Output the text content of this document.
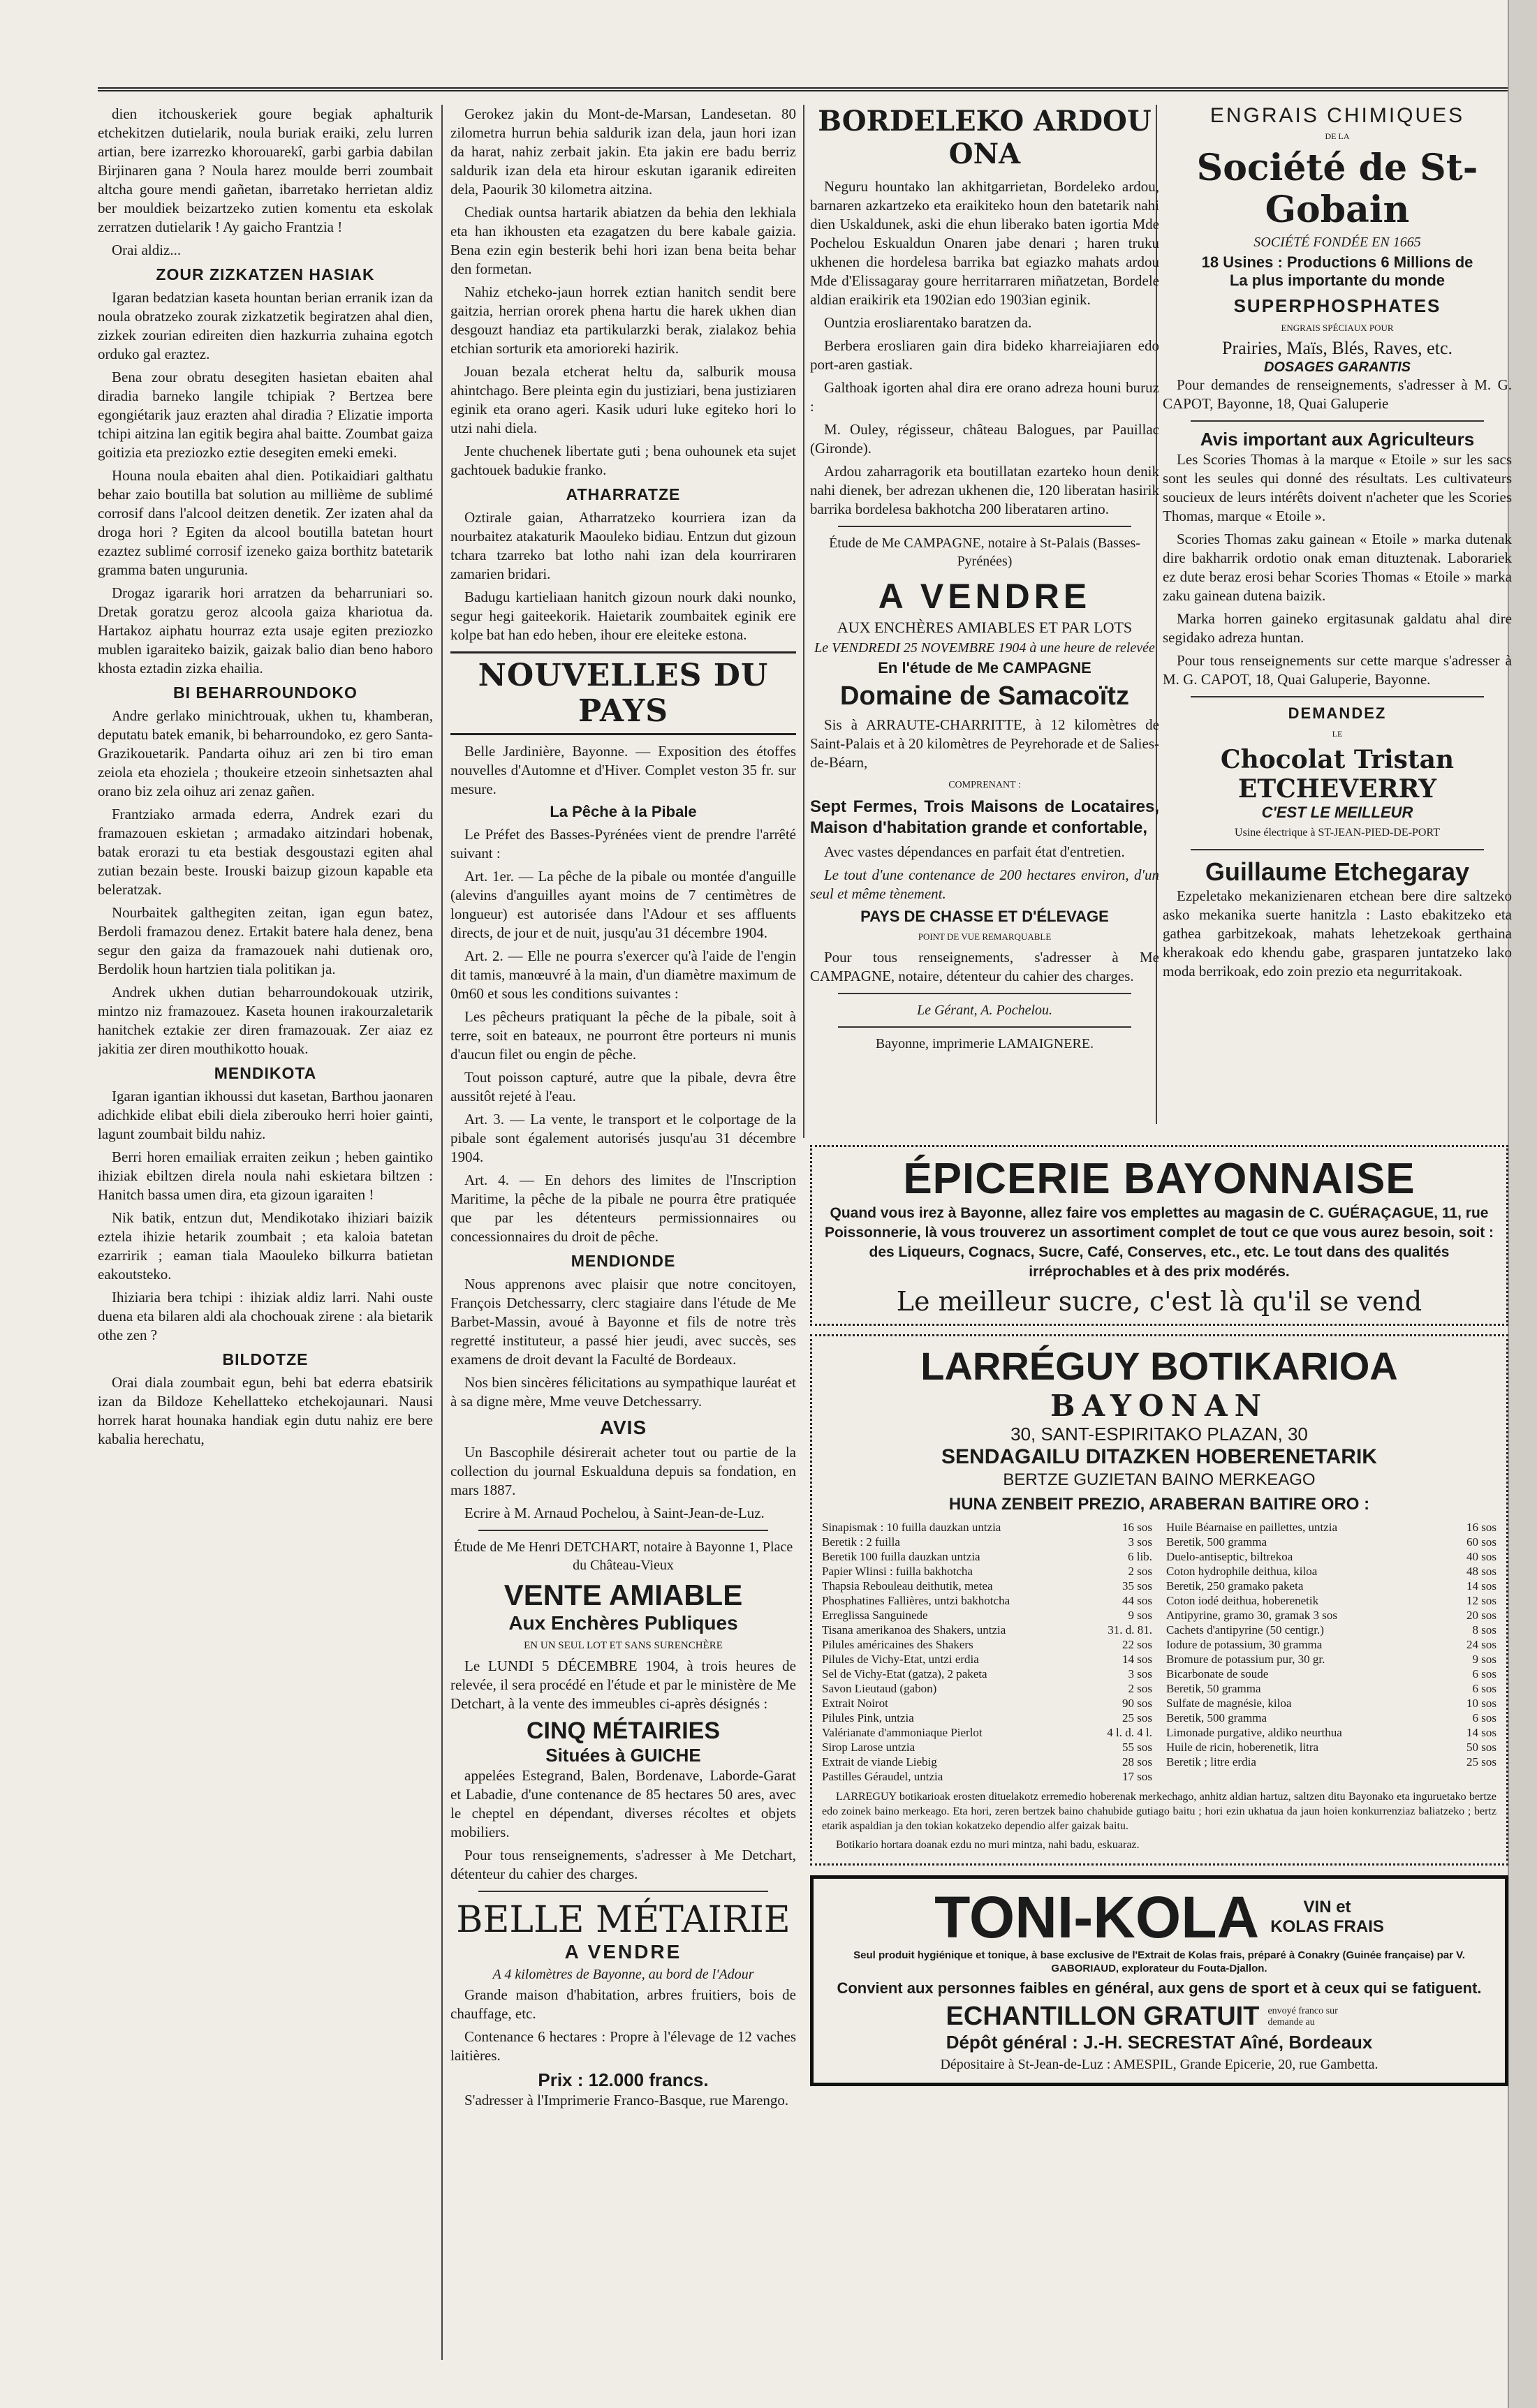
dien itchouskeriek goure begiak aphalturik etchekitzen dutielarik, noula buriak eraiki, zelu lurren artian, bere izarrezko khorouarekî, garbi garbia dabilan Birjinaren gana ? Noula harez moulde berri zoumbait altcha goure mendi gañetan, ibarretako herrietan aldiz ber mouldiek beizartzeko zutien komentu eta eskolak zerratzen dutielarik ! Ay gaicho Frantzia !

Orai aldiz...

ZOUR ZIZKATZEN HASIAK

Igaran bedatzian kaseta hountan berian erranik izan da noula obratzeko zourak zizkatzetik begiratzen ahal dien, zizkek zourian edireiten dien hazkurria zuhaina egotch orduko gal eraztez.

Bena zour obratu desegiten hasietan ebaiten ahal diradia barneko langile tchipiak ? Bertzea bere egongiétarik jauz erazten ahal diradia ? Elizatie importa tchipi aitzina lan egitik begira ahal baitte. Zoumbat gaiza goitizia eta preziozko eztie desegiten emeki emeki.

Houna noula ebaiten ahal dien. Potikaidiari galthatu behar zaio boutilla bat solution au millième de sublimé corrosif dans l'alcool deitzen denetik. Zer izaten ahal da droga hori ? Egiten da alcool boutilla batetan hourt ezaztez sublimé corrosif izeneko gaiza borthitz batetarik gramma baten ungurunia.

Drogaz igararik hori arratzen da beharruniari so. Dretak goratzu geroz alcoola gaiza khariotua da. Hartakoz aiphatu hourraz ezta usaje egiten preziozko mublen igaraiteko baizik, gaizak balio dian beno haboro khosta eztadin zizka ehailia.

BI BEHARROUNDOKO

Andre gerlako minichtrouak, ukhen tu, khamberan, deputatu batek emanik, bi beharroundoko, ez gero Santa-Grazikouetarik. Pandarta oihuz ari zen bi tiro eman zeiola eta ehoziela ; thoukeire etzeoin sinhetsazten ahal orano biz zela oihuz ari zenaz gañen.

Frantziako armada ederra, Andrek ezari du framazouen eskietan ; armadako aitzindari hobenak, batak erorazi tu eta bestiak desgoustazi egiten ahal zutian bezain beste. Irouski baizup gizoun kapable eta beleratzak.

Nourbaitek galthegiten zeitan, igan egun batez, Berdoli framazou denez. Ertakit batere hala denez, bena segur den gaiza da framazouek nahi dutienak oro, Berdolik houn hartzien tiala politikan ja.

Andrek ukhen dutian beharroundokouak utzirik, mintzo niz framazouez. Kaseta hounen irakourzaletarik hanitchek eztakie zer diren framazouak. Zer aiaz ez jakitia zer diren mouthikotto houak.

MENDIKOTA

Igaran igantian ikhoussi dut kasetan, Barthou jaonaren adichkide elibat ebili diela ziberouko herri hoier gainti, lagunt zoumbait bildu nahiz.

Berri horen emailiak erraiten zeikun ; heben gaintiko ihiziak ebiltzen direla noula nahi eskietara biltzen : Hanitch bassa umen dira, eta gizoun igaraiten !

Nik batik, entzun dut, Mendikotako ihiziari baizik eztela ihizie hetarik zoumbait ; eta kaloia batetan ezarririk ; eaman tiala Maouleko bilkurra batietan eakoutsteko.

Ihiziaria bera tchipi : ihiziak aldiz larri. Nahi ouste duena eta bilaren aldi ala chochouak zirene : ala bietarik othe zen ?

BILDOTZE

Orai diala zoumbait egun, behi bat ederra ebatsirik izan da Bildoze Kehellatteko etchekojaunari. Nausi horrek harat hounaka handiak egin dutu nahiz ere bere kabalia herechatu,

Gerokez jakin du Mont-de-Marsan, Landesetan. 80 zilometra hurrun behia saldurik izan dela, jaun hori izan da harat, nahiz zerbait jakin. Eta jakin ere badu berriz saldurik izan dela eta hirour eskutan igaranik edireiten dela, Paourik 30 kilometra aitzina.

Chediak ountsa hartarik abiatzen da behia den lekhiala eta han ikhousten eta ezagatzen du bere kabale gaizia. Bena ezin egin besterik behi hori izan bena beita behar den formetan.

Nahiz etcheko-jaun horrek eztian hanitch sendit bere gaitzia, herrian ororek phena hartu die harek ukhen dian desgouzt handiaz eta partikularzki berak, zialakoz behia etchian sorturik eta amorioreki hazirik.

Jouan bezala etcherat heltu da, salburik mousa ahintchago. Bere pleinta egin du justiziari, bena justiziaren eginik eta orano ageri. Kasik uduri luke egiteko hori lo utzi nahi diela.

Jente chuchenek libertate guti ; bena ouhounek eta sujet gachtouek badukie franko.

ATHARRATZE

Oztirale gaian, Atharratzeko kourriera izan da nourbaitez atakaturik Maouleko bidiau. Entzun dut gizoun tchara tzarreko bat lotho nahi izan dela kourriraren zamarien bridari.

Badugu kartieliaan hanitch gizoun nourk daki nounko, segur hegi gaiteekorik. Haietarik zoumbaitek eginik ere kolpe bat han edo heben, ihour ere eleiteke estona.

NOUVELLES DU PAYS

Belle Jardinière, Bayonne. — Exposition des étoffes nouvelles d'Automne et d'Hiver. Complet veston 35 fr. sur mesure.

La Pêche à la Pibale

Le Préfet des Basses-Pyrénées vient de prendre l'arrêté suivant :

Art. 1er. — La pêche de la pibale ou montée d'anguille (alevins d'anguilles ayant moins de 7 centimètres de longueur) est autorisée dans l'Adour et ses affluents directs, de jour et de nuit, jusqu'au 31 décembre 1904.

Art. 2. — Elle ne pourra s'exercer qu'à l'aide de l'engin dit tamis, manœuvré à la main, d'un diamètre maximum de 0m60 et sous les conditions suivantes :

Les pêcheurs pratiquant la pêche de la pibale, soit à terre, soit en bateaux, ne pourront être porteurs ni munis d'aucun filet ou engin de pêche.

Tout poisson capturé, autre que la pibale, devra être aussitôt rejeté à l'eau.

Art. 3. — La vente, le transport et le colportage de la pibale sont également autorisés jusqu'au 31 décembre 1904.

Art. 4. — En dehors des limites de l'Inscription Maritime, la pêche de la pibale ne pourra être pratiquée que par les détenteurs permissionnaires ou concessionnaires du droit de pêche.

MENDIONDE

Nous apprenons avec plaisir que notre concitoyen, François Detchessarry, clerc stagiaire dans l'étude de Me Barbet-Massin, avoué à Bayonne et fils de notre très regretté instituteur, a passé hier jeudi, avec succès, ses examens de droit devant la Faculté de Bordeaux.

Nos bien sincères félicitations au sympathique lauréat et à sa digne mère, Mme veuve Detchessarry.

AVIS

Un Bascophile désirerait acheter tout ou partie de la collection du journal Eskualduna depuis sa fondation, en mars 1887.

Ecrire à M. Arnaud Pochelou, à Saint-Jean-de-Luz.

Étude de Me Henri DETCHART, notaire à Bayonne 1, Place du Château-Vieux

VENTE AMIABLE
Aux Enchères Publiques

EN UN SEUL LOT ET SANS SURENCHÈRE

Le LUNDI 5 DÉCEMBRE 1904, à trois heures de relevée, il sera procédé en l'étude et par le ministère de Me Detchart, à la vente des immeubles ci-après désignés :

CINQ MÉTAIRIES
Situées à GUICHE

appelées Estegrand, Balen, Bordenave, Laborde-Garat et Labadie, d'une contenance de 85 hectares 50 ares, avec le cheptel en dépendant, diverses récoltes et objets mobiliers.

Pour tous renseignements, s'adresser à Me Detchart, détenteur du cahier des charges.

BELLE MÉTAIRIE
A VENDRE

A 4 kilomètres de Bayonne, au bord de l'Adour

Grande maison d'habitation, arbres fruitiers, bois de chauffage, etc.

Contenance 6 hectares : Propre à l'élevage de 12 vaches laitières.

Prix : 12.000 francs.

S'adresser à l'Imprimerie Franco-Basque, rue Marengo.

BORDELEKO ARDOU ONA

Neguru hountako lan akhitgarrietan, Bordeleko ardou, barnaren azkartzeko eta eraikiteko houn den batetarik nahi dien Uskaldunek, aski die ehun liberako baten igortia Mde Pochelou Eskualdun Onaren jabe denari ; haren truku ukhenen die hordelesa barrika bat egiazko mahats ardou Mde d'Elissagaray goure herritarraren miñatzetan, Bordele aldian eraikirik eta 1902ian edo 1903ian eginik.

Ountzia erosliarentako baratzen da.

Berbera erosliaren gain dira bideko kharreiajiaren edo port-aren gastiak.

Galthoak igorten ahal dira ere orano adreza houni buruz :

M. Ouley, régisseur, château Balogues, par Pauillac (Gironde).

Ardou zaharragorik eta boutillatan ezarteko houn denik nahi dienek, ber adrezan ukhenen die, 120 liberatan hasirik barrika bordelesa bakhotcha 200 liberataren artino.

Étude de Me CAMPAGNE, notaire à St-Palais (Basses-Pyrénées)

A VENDRE

AUX ENCHÈRES AMIABLES ET PAR LOTS

Le VENDREDI 25 NOVEMBRE 1904 à une heure de relevée

En l'étude de Me CAMPAGNE
Domaine de Samacoïtz

Sis à ARRAUTE-CHARRITTE, à 12 kilomètres de Saint-Palais et à 20 kilomètres de Peyrehorade et de Salies-de-Béarn,

COMPRENANT :

Sept Fermes, Trois Maisons de Locataires, Maison d'habitation grande et confortable,

Avec vastes dépendances en parfait état d'entretien.

Le tout d'une contenance de 200 hectares environ, d'un seul et même tènement.

PAYS DE CHASSE ET D'ÉLEVAGE

POINT DE VUE REMARQUABLE

Pour tous renseignements, s'adresser à Me CAMPAGNE, notaire, détenteur du cahier des charges.

Le Gérant, A. Pochelou.

Bayonne, imprimerie LAMAIGNERE.

ENGRAIS CHIMIQUES
DE LA
Société de St-Gobain

SOCIÉTÉ FONDÉE EN 1665

18 Usines : Productions 6 Millions de
La plus importante du monde
SUPERPHOSPHATES

ENGRAIS SPÉCIAUX POUR

Prairies, Maïs, Blés, Raves, etc.
DOSAGES GARANTIS

Pour demandes de renseignements, s'adresser à M. G. CAPOT, Bayonne, 18, Quai Galuperie

Avis important aux Agriculteurs

Les Scories Thomas à la marque « Etoile » sur les sacs sont les seules qui donné des résultats. Les cultivateurs soucieux de leurs intérêts doivent n'acheter que les Scories Thomas, marque « Etoile ».

Scories Thomas zaku gainean « Etoile » marka dutenak dire bakharrik ordotio onak eman dituztenak. Laborariek ez dute beraz erosi behar Scories Thomas « Etoile » marka zaku gainean dutena baizik.

Marka horren gaineko ergitasunak galdatu ahal dire segidako adreza huntan.

Pour tous renseignements sur cette marque s'adresser à M. G. CAPOT, 18, Quai Galuperie, Bayonne.

DEMANDEZ
LE
Chocolat Tristan ETCHEVERRY
C'EST LE MEILLEUR

Usine électrique à ST-JEAN-PIED-DE-PORT

Guillaume Etchegaray

Ezpeletako mekanizienaren etchean bere dire saltzeko asko mekanika suerte hanitzla : Lasto ebakitzeko eta gathea garbitzekoak, mahats lehetzekoak gerthaina kherakoak edo khendu gabe, grasparen juntatzeko lako moda berrikoak, edo zoin prezio eta negurritakoak.

ÉPICERIE BAYONNAISE

Quand vous irez à Bayonne, allez faire vos emplettes au magasin de C. GUÉRAÇAGUE, 11, rue Poissonnerie, là vous trouverez un assortiment complet de tout ce que vous aurez besoin, soit : des Liqueurs, Cognacs, Sucre, Café, Conserves, etc., etc. Le tout dans des qualités irréprochables et à des prix modérés.

Le meilleur sucre, c'est là qu'il se vend
LARRÉGUY BOTIKARIOA
BAYONAN
30, SANT-ESPIRITAKO PLAZAN, 30
SENDAGAILU DITAZKEN HOBERENETARIK
BERTZE GUZIETAN BAINO MERKEAGO
HUNA ZENBEIT PREZIO, ARABERAN BAITIRE ORO :
Sinapismak : 10 fuilla dauzkan untzia	16 sos
Beretik : 2 fuilla	3 sos
Beretik 100 fuilla dauzkan untzia	6 lib.
Papier Wlinsi : fuilla bakhotcha	2 sos
Thapsia Rebouleau deithutik, metea	35 sos
Phosphatines Fallières, untzi bakhotcha	44 sos
Erreglissa Sanguinede	9 sos
Tisana amerikanoa des Shakers, untzia	31. d. 81.
Pilules américaines des Shakers	22 sos
Pilules de Vichy-Etat, untzi erdia	14 sos
Sel de Vichy-Etat (gatza), 2 paketa	3 sos
Savon Lieutaud (gabon)	2 sos
Extrait Noirot	90 sos
Pilules Pink, untzia	25 sos
Valérianate d'ammoniaque Pierlot	4 l. d. 4 l.
Sirop Larose untzia	55 sos
Extrait de viande Liebig	28 sos
Pastilles Géraudel, untzia	17 sos
Huile Béarnaise en paillettes, untzia	16 sos
Beretik, 500 gramma	60 sos
Duelo-antiseptic, biltrekoa	40 sos
Coton hydrophile deithua, kiloa	48 sos
Beretik, 250 gramako paketa	14 sos
Coton iodé deithua, hoberenetik	12 sos
Antipyrine, gramo 30, gramak 3 sos	20 sos
Cachets d'antipyrine (50 centigr.)	8 sos
Iodure de potassium, 30 gramma	24 sos
Bromure de potassium pur, 30 gr.	9 sos
Bicarbonate de soude	6 sos
Beretik, 50 gramma	6 sos
Sulfate de magnésie, kiloa	10 sos
Beretik, 500 gramma	6 sos
Limonade purgative, aldiko neurthua	14 sos
Huile de ricin, hoberenetik, litra	50 sos
Beretik ; litre erdia	25 sos

LARREGUY botikarioak erosten dituelakotz erremedio hoberenak merkechago, anhitz aldian hartuz, saltzen ditu Bayonako eta inguruetako bertze edo zoinek baino merkeago. Eta hori, zeren bertzek baino chahubide gutiago baitu ; hori ezin ukhatua da jaun hoien konkurrenziaz baliatzeko ; bertz etarik aspaldian ja den tokian kokatzeko dependio alfer gaizak baitu.

Botikario hortara doanak ezdu no muri mintza, nahi badu, eskuaraz.

TONI-KOLA	VIN et
KOLAS FRAIS

Seul produit hygiénique et tonique, à base exclusive de l'Extrait de Kolas frais, préparé à Conakry (Guinée française) par V. GABORIAUD, explorateur du Fouta-Djallon.

Convient aux personnes faibles en général, aux gens de sport et à ceux qui se fatiguent.

ECHANTILLON GRATUIT envoyé franco sur demande au
Dépôt général : J.-H. SECRESTAT Aîné, Bordeaux

Dépositaire à St-Jean-de-Luz : AMESPIL, Grande Epicerie, 20, rue Gambetta.
